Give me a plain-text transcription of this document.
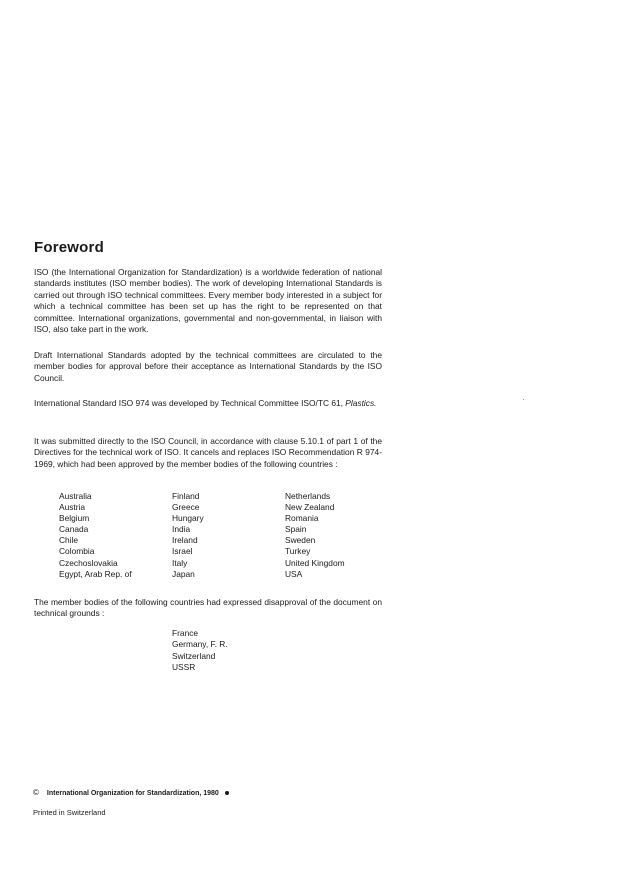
Foreword

ISO (the International Organization for Standardization) is a worldwide federation of national standards institutes (ISO member bodies). The work of developing International Standards is carried out through ISO technical committees. Every member body interested in a subject for which a technical committee has been set up has the right to be represented on that committee. International organizations, governmental and non-governmental, in liaison with ISO, also take part in the work.

Draft International Standards adopted by the technical committees are circulated to the member bodies for approval before their acceptance as International Standards by the ISO Council.

International Standard ISO 974 was developed by Technical Committee ISO/TC 61, Plastics.

It was submitted directly to the ISO Council, in accordance with clause 5.10.1 of part 1 of the Directives for the technical work of ISO. It cancels and replaces ISO Recommendation R 974-1969, which had been approved by the member bodies of the following countries :

Australia
Austria
Belgium
Canada
Chile
Colombia
Czechoslovakia
Egypt, Arab Rep. of
Finland
Greece
Hungary
India
Ireland
Israel
Italy
Japan
Netherlands
New Zealand
Romania
Spain
Sweden
Turkey
United Kingdom
USA

The member bodies of the following countries had expressed disapproval of the document on technical grounds :

France
Germany, F. R.
Switzerland
USSR
© International Organization for Standardization, 1980
Printed in Switzerland
